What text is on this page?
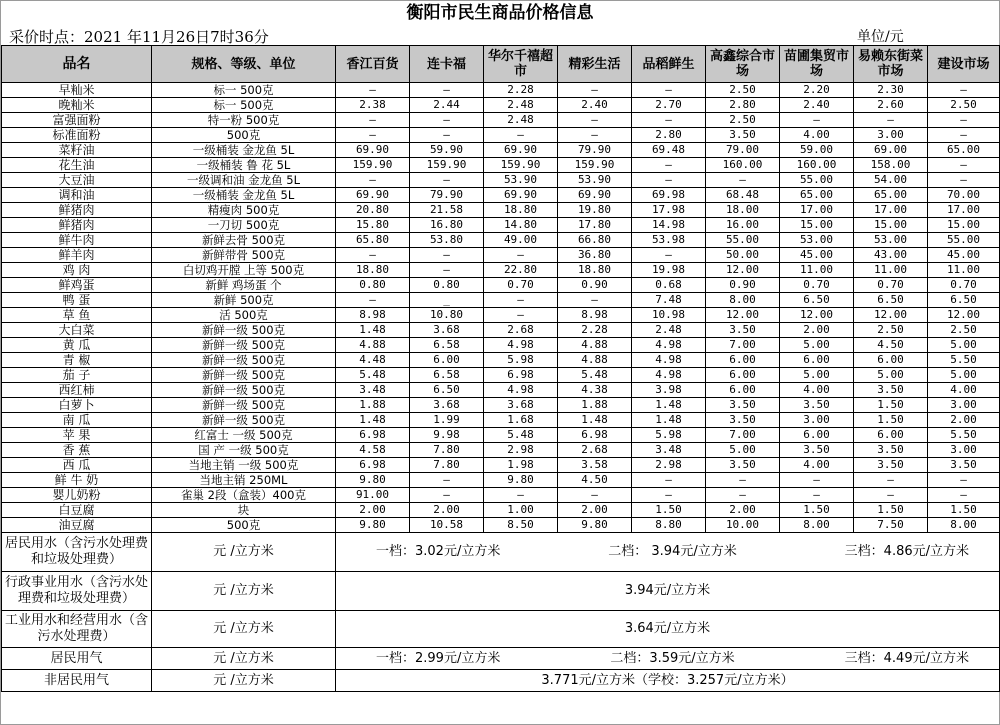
衡阳市民生商品价格信息
采价时点：2021 年11月26日7时36分	单位/元
品名	规格、等级、单位	香江百货	连卡福	华尔千禧超 市	精彩生活	品稻鲜生	高鑫综合市 场	苗圃集贸市 场	易赖东街菜市场	建设市场
早籼米	标一 500克	—	—	2.28	—	—	2.50	2.20	2.30	—
晚籼米	标一 500克	2.38	2.44	2.48	2.40	2.70	2.80	2.40	2.60	2.50
富强面粉	特一粉 500克	—	—	2.48	—	—	2.50	—	—	—
标准面粉	500克	—	—	—	—	2.80	3.50	4.00	3.00	—
菜籽油	一级桶装 金龙鱼 5L	69.90	59.90	69.90	79.90	69.48	79.00	59.00	69.00	65.00
花生油	一级桶装 鲁 花 5L	159.90	159.90	159.90	159.90	—	160.00	160.00	158.00	—
大豆油	一级调和油 金龙鱼 5L	—	—	53.90	53.90	—	—	55.00	54.00	—
调和油	一级桶装 金龙鱼 5L	69.90	79.90	69.90	69.90	69.98	68.48	65.00	65.00	70.00
鲜猪肉	精瘦肉 500克	20.80	21.58	18.80	19.80	17.98	18.00	17.00	17.00	17.00
鲜猪肉	一刀切 500克	15.80	16.80	14.80	17.80	14.98	16.00	15.00	15.00	15.00
鲜牛肉	新鲜去骨 500克	65.80	53.80	49.00	66.80	53.98	55.00	53.00	53.00	55.00
鲜羊肉	新鲜带骨 500克	—	—	—	36.80	—	50.00	45.00	43.00	45.00
鸡 肉	白切鸡开膛 上等 500克	18.80	—	22.80	18.80	19.98	12.00	11.00	11.00	11.00
鲜鸡蛋	新鲜 鸡场蛋 个	0.80	0.80	0.70	0.90	0.68	0.90	0.70	0.70	0.70
鸭 蛋	新鲜 500克	—	_	—	—	7.48	8.00	6.50	6.50	6.50
草 鱼	活 500克	8.98	10.80	—	8.98	10.98	12.00	12.00	12.00	12.00
大白菜	新鲜一级 500克	1.48	3.68	2.68	2.28	2.48	3.50	2.00	2.50	2.50
黄 瓜	新鲜一级 500克	4.88	6.58	4.98	4.88	4.98	7.00	5.00	4.50	5.00
青 椒	新鲜一级 500克	4.48	6.00	5.98	4.88	4.98	6.00	6.00	6.00	5.50
茄 子	新鲜一级 500克	5.48	6.58	6.98	5.48	4.98	6.00	5.00	5.00	5.00
西红柿	新鲜一级 500克	3.48	6.50	4.98	4.38	3.98	6.00	4.00	3.50	4.00
白萝卜	新鲜一级 500克	1.88	3.68	3.68	1.88	1.48	3.50	3.50	1.50	3.00
南 瓜	新鲜一级 500克	1.48	1.99	1.68	1.48	1.48	3.50	3.00	1.50	2.00
苹 果	红富士 一级 500克	6.98	9.98	5.48	6.98	5.98	7.00	6.00	6.00	5.50
香 蕉	国 产 一级 500克	4.58	7.80	2.98	2.68	3.48	5.00	3.50	3.50	3.00
西 瓜	当地主销 一级 500克	6.98	7.80	1.98	3.58	2.98	3.50	4.00	3.50	3.50
鲜 牛 奶	当地主销 250ML	9.80	—	9.80	4.50	—	—	—	—	—
婴儿奶粉	雀巢 2段（盒装）400克	91.00	—	—	—	—	—	—	—	—
白豆腐	块	2.00	2.00	1.00	2.00	1.50	2.00	1.50	1.50	1.50
油豆腐	500克	9.80	10.58	8.50	9.80	8.80	10.00	8.00	7.50	8.00
居民用水（含污水处理费和垃圾处理费）	元 /立方米	一档：3.02元/立方米 二档： 3.94元/立方米 三档：4.86元/立方米								

行政事业用水（含污水处理费和垃圾处理费）	元 /立方米	3.94元/立方米								
工业用水和经营用水（含污水处理费）	元 /立方米	3.64元/立方米								
居民用气	元 /立方米	一档：2.99元/立方米 二档：3.59元/立方米 三档：4.49元/立方米								

非居民用气	元 /立方米	3.771元/立方米（学校：3.257元/立方米）								
